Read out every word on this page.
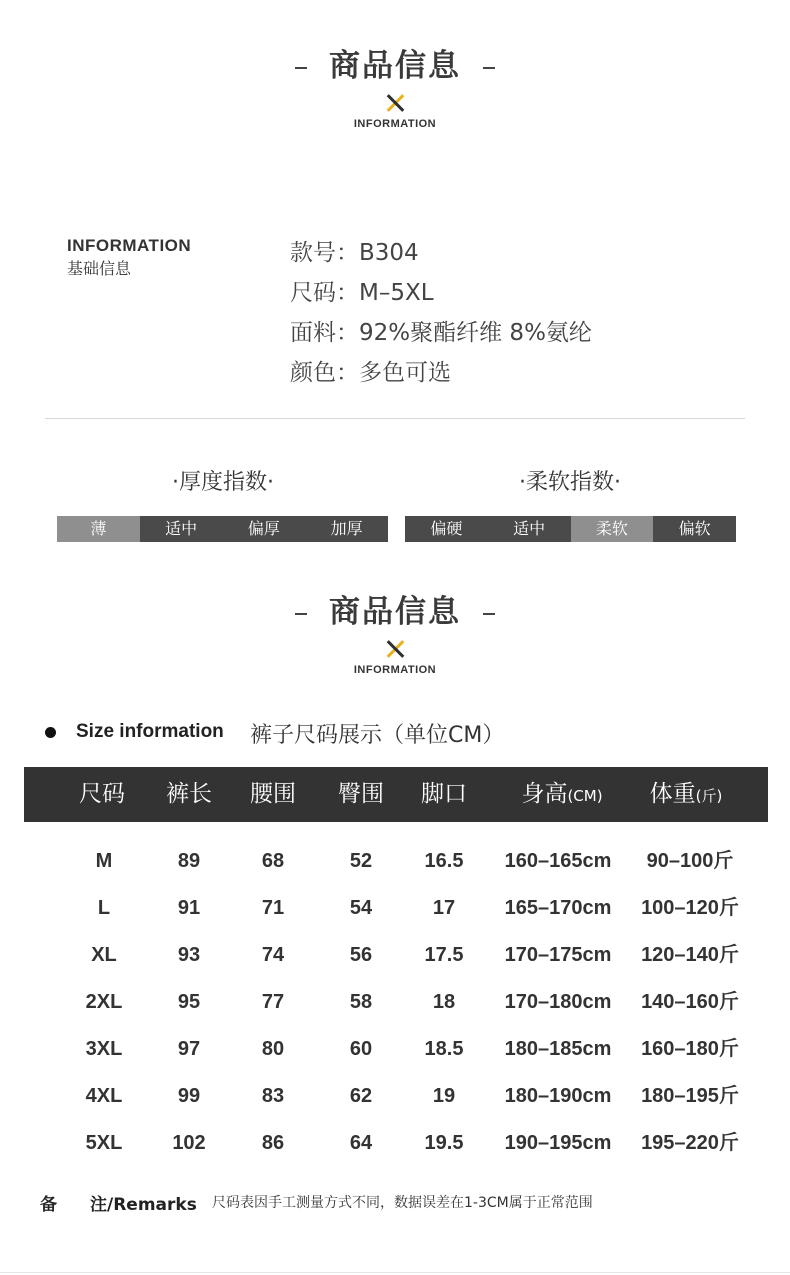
商品信息
INFORMATION
INFORMATION
基础信息
款号：B304
尺码：M–5XL
面料：92%聚酯纤维 8%氨纶
颜色：多色可选
·厚度指数·
薄	适中	偏厚	加厚
·柔软指数·
偏硬	适中	柔软	偏软
商品信息
INFORMATION
Size information 裤子尺码展示（单位CM）
尺码 裤长 腰围 臀围 脚口 身高(CM) 体重(斤)
M	89	68	52	16.5 160–165cm 90–100斤
L	91	71	54	17 165–170cm 100–120斤
XL	93	74	56	17.5 170–175cm 120–140斤
2XL	95	77	58	18 170–180cm 140–160斤
3XL	97	80	60	18.5 180–185cm 160–180斤
4XL	99	83	62	19 180–190cm 180–195斤
5XL 102	86	64	19.5 190–195cm 195–220斤
备 注/Remarks 尺码表因手工测量方式不同，数据误差在1-3CM属于正常范围
